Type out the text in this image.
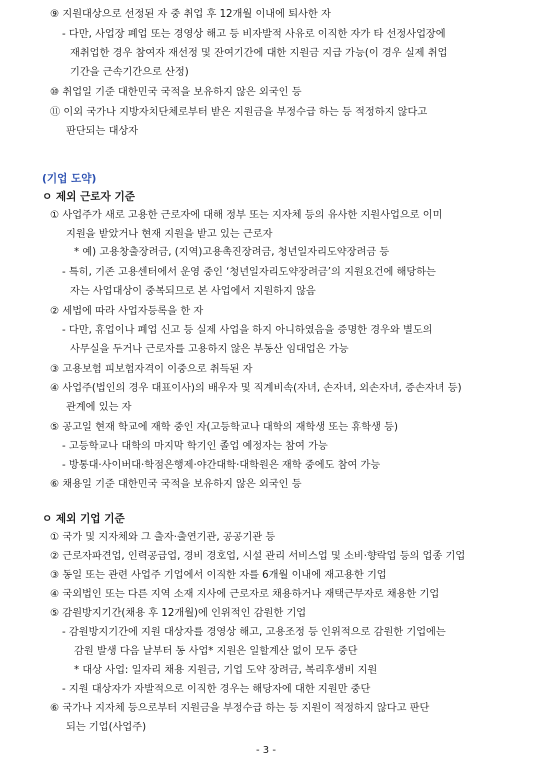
⑨ 지원대상으로 선정된 자 중 취업 후 12개월 이내에 퇴사한 자
- 다만, 사업장 폐업 또는 경영상 해고 등 비자발적 사유로 이직한 자가 타 선정사업장에
재취업한 경우 참여자 재선정 및 잔여기간에 대한 지원금 지급 가능(이 경우 실제 취업
기간을 근속기간으로 산정)
⑩ 취업일 기준 대한민국 국적을 보유하지 않은 외국인 등
⑪ 이외 국가나 지방자치단체로부터 받은 지원금을 부정수급 하는 등 적정하지 않다고
판단되는 대상자
(기업 도약)
ㅇ 제외 근로자 기준
① 사업주가 새로 고용한 근로자에 대해 정부 또는 지자체 등의 유사한 지원사업으로 이미
지원을 받았거나 현재 지원을 받고 있는 근로자
* 예) 고용창출장려금, (지역)고용촉진장려금, 청년일자리도약장려금 등
- 특히, 기존 고용센터에서 운영 중인 ‘청년일자리도약장려금’의 지원요건에 해당하는
자는 사업대상이 중복되므로 본 사업에서 지원하지 않음
② 세법에 따라 사업자등록을 한 자
- 다만, 휴업이나 폐업 신고 등 실제 사업을 하지 아니하였음을 증명한 경우와 별도의
사무실을 두거나 근로자를 고용하지 않은 부동산 임대업은 가능
③ 고용보험 피보험자격이 이중으로 취득된 자
④ 사업주(법인의 경우 대표이사)의 배우자 및 직계비속(자녀, 손자녀, 외손자녀, 증손자녀 등)
관계에 있는 자
⑤ 공고일 현재 학교에 재학 중인 자(고등학교나 대학의 재학생 또는 휴학생 등)
- 고등학교나 대학의 마지막 학기인 졸업 예정자는 참여 가능
- 방통대·사이버대·학점은행제·야간대학·대학원은 재학 중에도 참여 가능
⑥ 채용일 기준 대한민국 국적을 보유하지 않은 외국인 등
ㅇ 제외 기업 기준
① 국가 및 지자체와 그 출자·출연기관, 공공기관 등
② 근로자파견업, 인력공급업, 경비 경호업, 시설 관리 서비스업 및 소비·향락업 등의 업종 기업
③ 동일 또는 관련 사업주 기업에서 이직한 자를 6개월 이내에 재고용한 기업
④ 국외법인 또는 다른 지역 소재 지사에 근로자로 채용하거나 재택근무자로 채용한 기업
⑤ 감원방지기간(채용 후 12개월)에 인위적인 감원한 기업
- 감원방지기간에 지원 대상자를 경영상 해고, 고용조정 등 인위적으로 감원한 기업에는
감원 발생 다음 날부터 동 사업* 지원은 일할계산 없이 모두 중단
* 대상 사업: 일자리 채용 지원금, 기업 도약 장려금, 복리후생비 지원
- 지원 대상자가 자발적으로 이직한 경우는 해당자에 대한 지원만 중단
⑥ 국가나 지자체 등으로부터 지원금을 부정수급 하는 등 지원이 적정하지 않다고 판단
되는 기업(사업주)
- 3 -
